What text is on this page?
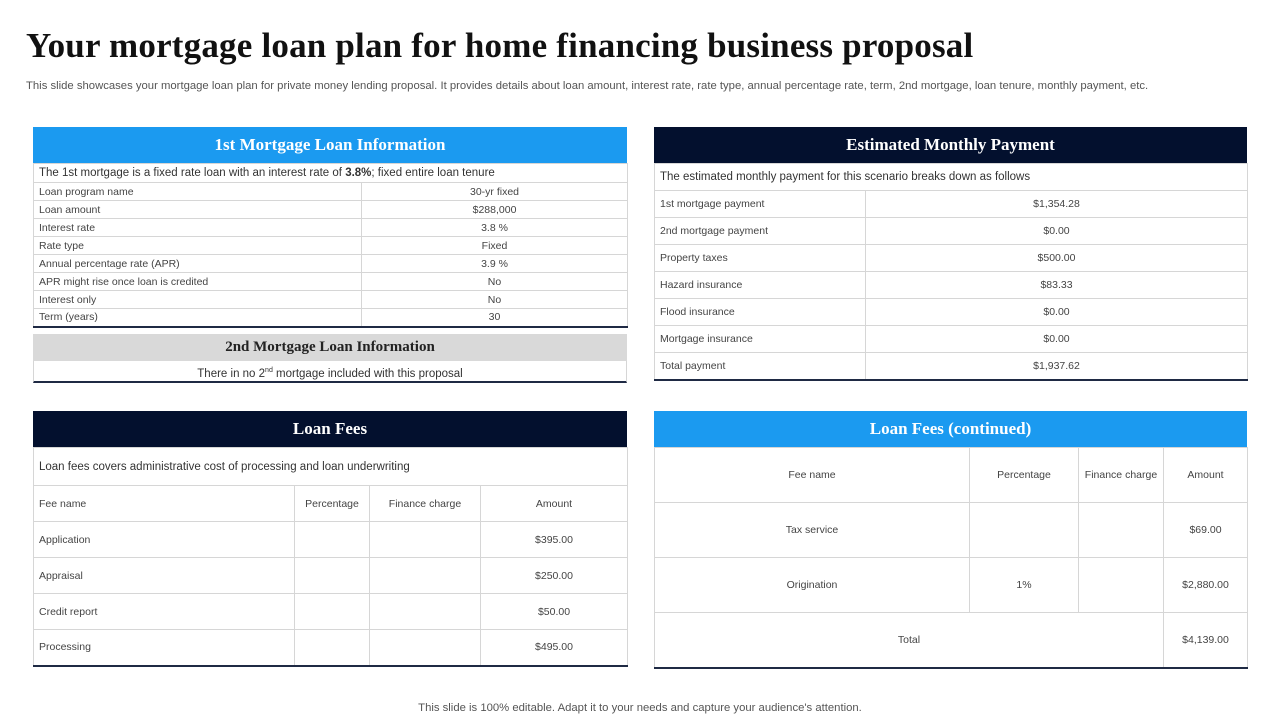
Your mortgage loan plan for home financing business proposal

This slide showcases your mortgage loan plan for private money lending proposal. It provides details about loan amount, interest rate, rate type, annual percentage rate, term, 2nd mortgage, loan tenure, monthly payment, etc.

1st Mortgage Loan Information
The 1st mortgage is a fixed rate loan with an interest rate of 3.8%; fixed entire loan tenure	
Loan program name	30-yr fixed
Loan amount	$288,000
Interest rate	3.8 %
Rate type	Fixed
Annual percentage rate (APR)	3.9 %
APR might rise once loan is credited	No
Interest only	No
Term (years)	30
2nd Mortgage Loan Information
There in no 2nd mortgage included with this proposal
Estimated Monthly Payment
The estimated monthly payment for this scenario breaks down as follows	
1st mortgage payment	$1,354.28
2nd mortgage payment	$0.00
Property taxes	$500.00
Hazard insurance	$83.33
Flood insurance	$0.00
Mortgage insurance	$0.00
Total payment	$1,937.62
Loan Fees
Loan fees covers administrative cost of processing and loan underwriting			
Fee name	Percentage	Finance charge	Amount
Application			$395.00
Appraisal			$250.00
Credit report			$50.00
Processing			$495.00
Loan Fees (continued)
Fee name	Percentage	Finance charge	Amount
Tax service			$69.00
Origination	1%		$2,880.00
Total			$4,139.00
This slide is 100% editable. Adapt it to your needs and capture your audience's attention.
